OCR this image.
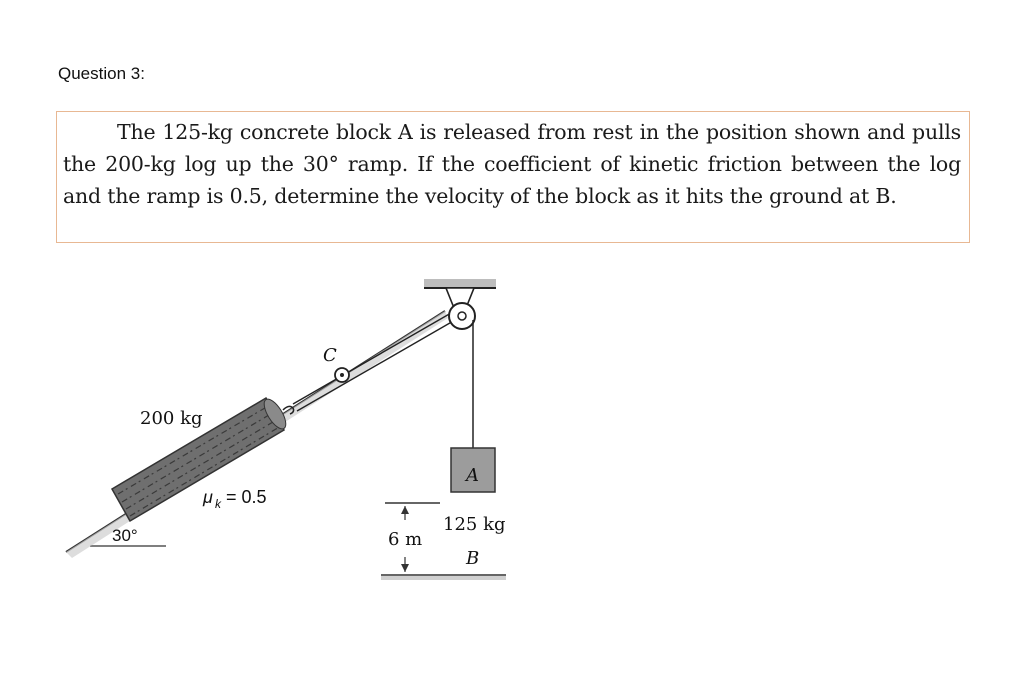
Question 3:

The 125-kg concrete block A is released from rest in the position shown and pulls the 200-kg log up the 30° ramp. If the coefficient of kinetic friction between the log and the ramp is 0.5, determine the velocity of the block as it hits the ground at B.

C
A
6 m
125 kg
B
200 kg
μ k = 0.5
30°
